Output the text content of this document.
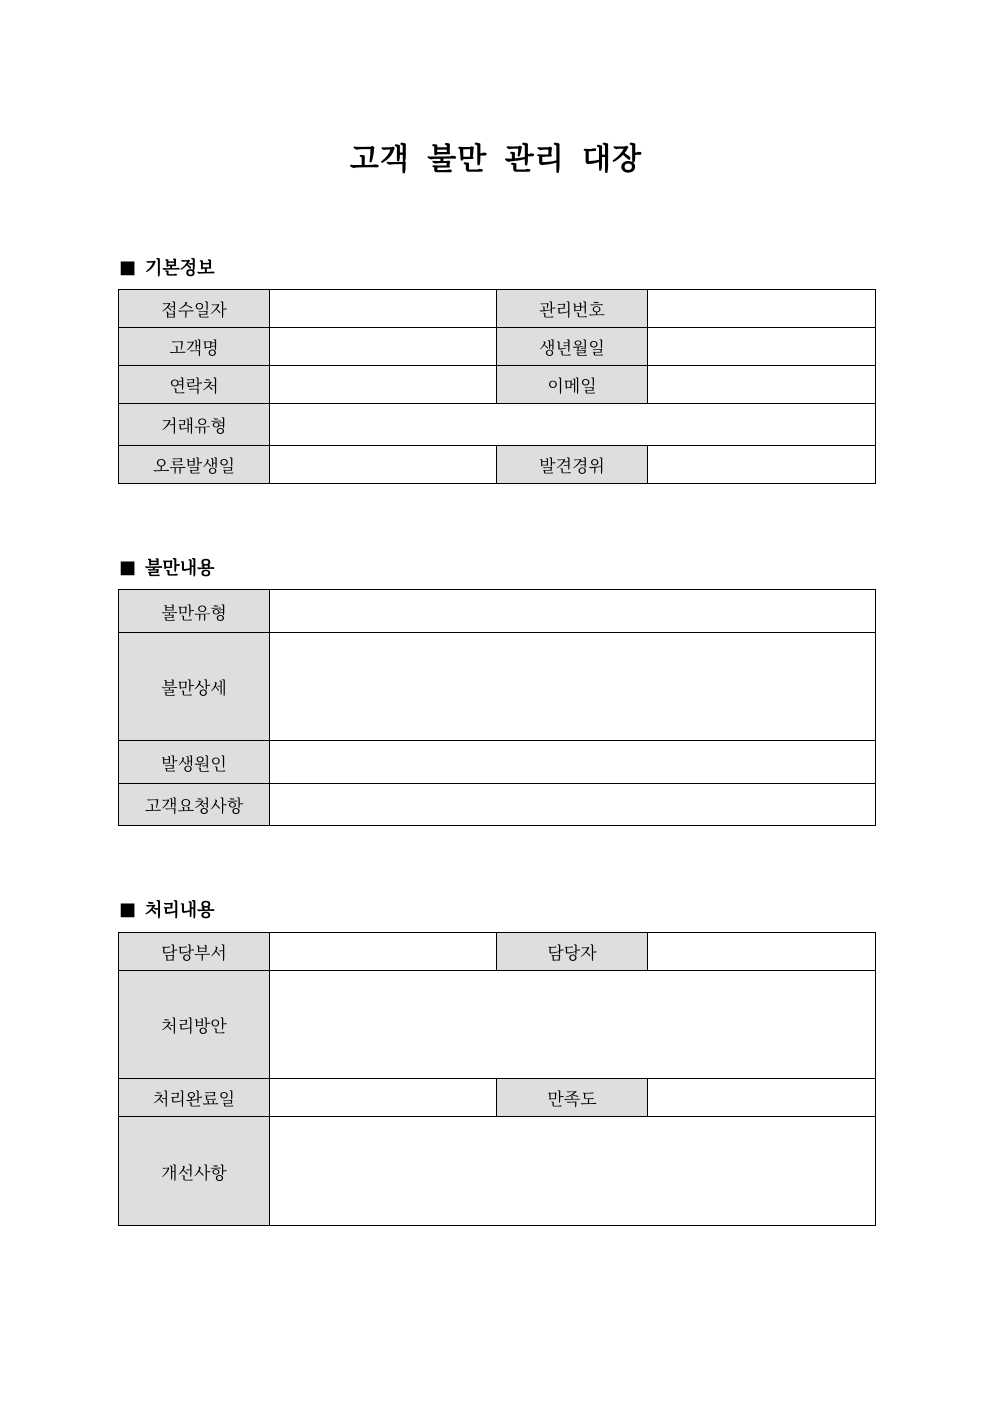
고객 불만 관리 대장
■ 기본정보
접수일자		관리번호	
고객명		생년월일	
연락처		이메일	
거래유형			
오류발생일		발견경위	
■ 불만내용
불만유형	
불만상세	
발생원인	
고객요청사항	
■ 처리내용
담당부서		담당자	
처리방안			
처리완료일		만족도	
개선사항			
